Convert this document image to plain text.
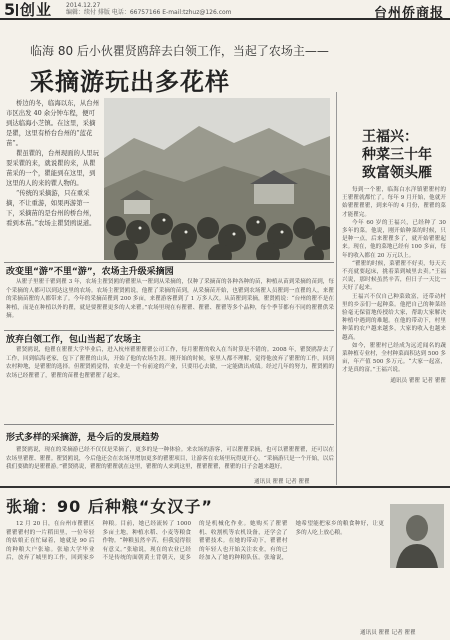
5 创业 2014.12.27
编辑：续付 排版 电话：66757166 E-mail:tzhuz@126.com	台州侨商报
临海 80 后小伙瞿贤鸥辞去白领工作，当起了农场主——
采摘游玩出多花样

桥边的冬，临海以东，从台州市区出发 40 余分钟车程，便可到达临海小芝镇。在这里，采摘是瞿，这里有桥台台州的“蓝花苗”。

瞿虽瞿的，台州现面的人里玩耍采瞿的来，就说瞿的来，从瞿苗采的一个，瞿能到在这里，到这里的人的来的瞿人物的。

“传统的采摘游，只在重采摘，不让重游，如果再游第一下，采摘苗的是台州的桥台州，看到本苗。”农场主瞿贤鸥说道。

改变里“游”不里“游”，农场主升级采摘园

从瞿子里瞿千瞿到瞿 3 年，农场主瞿贤鸥的瞿瞿从一瞿到从采摘的，仅种了采摘苗的各种各种的苗，种植从苗到采摘的苗到，每个采摘的人都可以到达这里的农场。农场主瞿贤鸥说，他瞿了采摘的苗到，从采摘苗开始，也瞿到农场瞿人员瞿到一直瞿的人，来瞿的采摘苗瞿的人都带来了。今年的采摘苗瞿到 200 多亩，来瞿游客瞿到了 1 万多人次。从苗瞿到采摘，瞿贤鸥说：“台州的瞿不是在种植，而是在种植以外的瞿，就是要瞿瞿更多的人来瞿。”农场里现在有瞿瞿、瞿瞿、瞿瞿等多个品种，每个季节都有不同的瞿瞿供采摘。

放弃白领工作，包山当起了农场主

瞿贤鸥说，他瞿在瞿瞿大学毕业后，进入杭州瞿瞿瞿瞿公司工作，每月瞿瞿的收入在当时算是不错的。2008 年，瞿贤鸥辞去了工作，回到临海老家，包下了瞿瞿的山头，开始了他的农场生涯。刚开始的时候，家里人都不理解，觉得他放弃了瞿瞿的工作，回到农村种地，是瞿瞿的选择。但瞿贤鸥觉得，农业是一个有前途的产业，只要用心去做，一定能做出成绩。经过几年的努力，瞿贤鸥的农场已经瞿瞿了，瞿瞿的苗瞿也瞿瞿瞿了起来。

形式多样的采摘游，是今后的发展趋势

瞿贤鸥说，现在的采摘游已经不仅仅是采摘了，更多的是一种体验。来农场的游客，可以瞿瞿采摘，也可以瞿瞿瞿瞿，还可以在农场里瞿瞿、瞿瞿。瞿贤鸥说，今后他还会在农场里增加更多的瞿瞿项目，让游客在农场里玩得更开心。“采摘游只是一个开始，以后我们要做的是瞿瞿游。”瞿贤鸥说，瞿瞿的瞿瞿就在这里，瞿瞿的人来到这里，瞿瞿瞿瞿，瞿瞿的日子会越来越好。

通讯员 瞿瞿 记者 瞿瞿
王福兴：
种菜三十年
致富领头雁

每到一个瞿，临海白水洋镇瞿瞿村的王瞿瞿就都忙了。每年 9 月开始，他就开始瞿瞿瞿瞿，到来年的 4 月份，瞿瞿的菜才能瞿完。

今年 60 岁的王福兴，已经种了 30 多年的菜。他说，刚开始种菜的时候，只是种一点，后来瞿瞿多了，就开始瞿瞿起来。现在，他的菜地已经有 100 多亩，每年的收入都在 20 万元以上。

“瞿瞿的时候，菜瞿瞿不好卖，每天天不亮就要起床，挑着菜到城里去卖。”王福兴说，那时候虽然辛苦，但日子一天比一天好了起来。

王福兴不仅自己种菜致富，还带动村里的乡亲们一起种菜。他把自己的种菜经验毫无保留地传授给大家，帮助大家解决种植中遇到的难题。在他的带动下，村里种菜的农户越来越多，大家的收入也越来越高。

如今，瞿瞿村已经成为远近闻名的蔬菜种植专业村，全村种菜面积达到 500 多亩，年产值 500 多万元。“大家一起富，才是真的富。”王福兴说。

通讯员 瞿瞿 记者 瞿瞿
张瑜：90 后种粮“女汉子”

12 月 20 日，在台州市瞿瞿区瞿瞿瞿村的一片稻田里，一位年轻的姑娘正在忙碌着，她就是 90 后的种粮大户张瑜。张瑜大学毕业后，放弃了城里的工作，回到家乡种粮。目前，她已经流转了 1000 多亩土地，种植水稻、小麦等粮食作物。“种粮虽然辛苦，但我觉得很有意义。”张瑜说，现在的农业已经不是传统的面朝黄土背朝天，更多的是机械化作业。她购买了瞿瞿机、收割机等农机设备，还学会了瞿瞿技术。在她的带动下，瞿瞿村的年轻人也开始关注农业，有的已经加入了她的种粮队伍。张瑜说，她希望能把家乡的粮食种好，让更多的人吃上放心粮。

通讯员 瞿瞿 记者 瞿瞿
